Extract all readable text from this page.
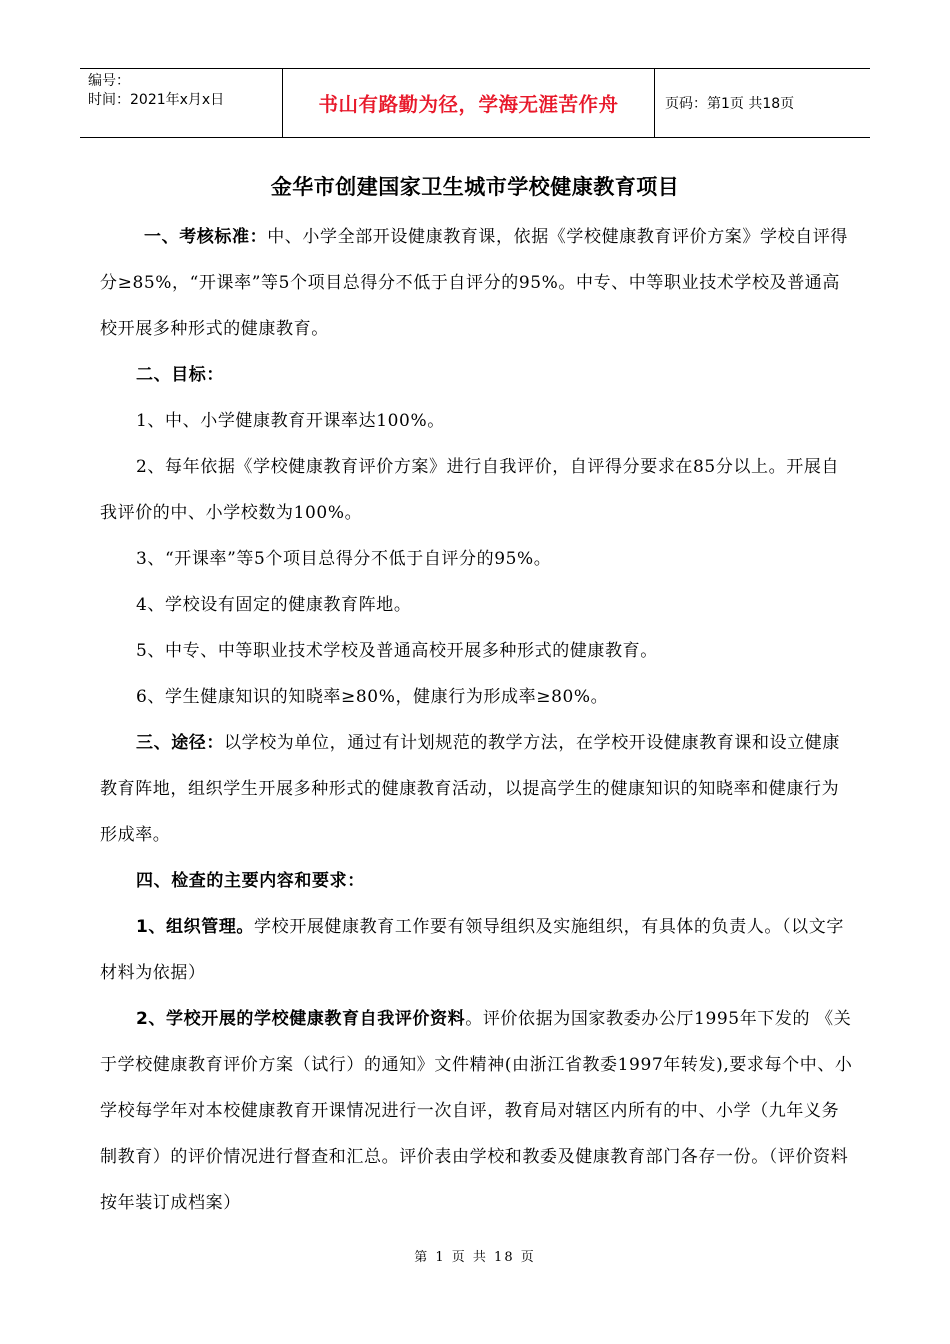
编号：
时间：2021年x月x日	书山有路勤为径，学海无涯苦作舟	页码：第1页 共18页
金华市创建国家卫生城市学校健康教育项目

一、考核标准：中、小学全部开设健康教育课，依据《学校健康教育评价方案》学校自评得分≥85%，“开课率”等5个项目总得分不低于自评分的95%。中专、中等职业技术学校及普通高校开展多种形式的健康教育。

二、目标：

1、中、小学健康教育开课率达100%。

2、每年依据《学校健康教育评价方案》进行自我评价，自评得分要求在85分以上。开展自我评价的中、小学校数为100%。

3、“开课率”等5个项目总得分不低于自评分的95%。

4、学校设有固定的健康教育阵地。

5、中专、中等职业技术学校及普通高校开展多种形式的健康教育。

6、学生健康知识的知晓率≥80%，健康行为形成率≥80%。

三、途径：以学校为单位，通过有计划规范的教学方法，在学校开设健康教育课和设立健康教育阵地，组织学生开展多种形式的健康教育活动，以提高学生的健康知识的知晓率和健康行为形成率。

四、检查的主要内容和要求：

1、组织管理。学校开展健康教育工作要有领导组织及实施组织，有具体的负责人。（以文字材料为依据）

2、学校开展的学校健康教育自我评价资料。评价依据为国家教委办公厅1995年下发的 《关于学校健康教育评价方案（试行）的通知》文件精神(由浙江省教委1997年转发),要求每个中、小学校每学年对本校健康教育开课情况进行一次自评，教育局对辖区内所有的中、小学（九年义务制教育）的评价情况进行督查和汇总。评价表由学校和教委及健康教育部门各存一份。（评价资料按年装订成档案）

第 1 页 共 18 页
